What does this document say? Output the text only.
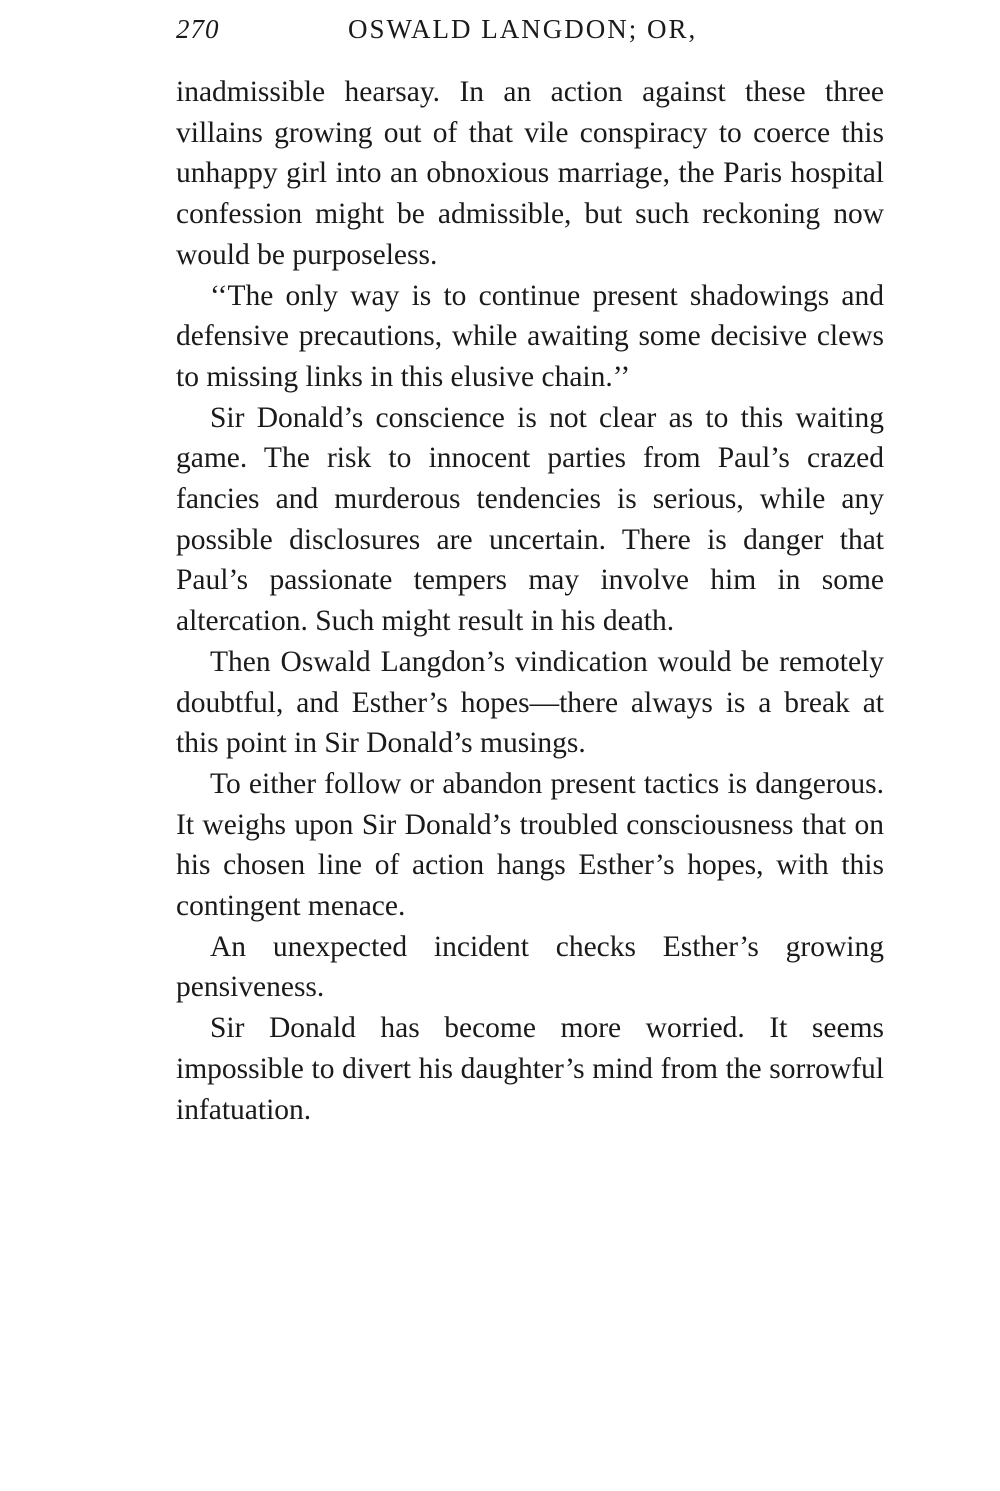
270	OSWALD LANGDON; OR,

inadmissible hearsay. In an action against these three villains growing out of that vile conspiracy to coerce this unhappy girl into an obnoxious marriage, the Paris hospital confession might be admissible, but such reckoning now would be purposeless.

‘‘The only way is to continue present shadowings and defensive precautions, while awaiting some decisive clews to missing links in this elusive chain.’’

Sir Donald’s conscience is not clear as to this waiting game. The risk to innocent parties from Paul’s crazed fancies and murderous tendencies is serious, while any possible disclosures are uncertain. There is danger that Paul’s passionate tempers may involve him in some altercation. Such might result in his death.

Then Oswald Langdon’s vindication would be remotely doubtful, and Esther’s hopes—there always is a break at this point in Sir Donald’s musings.

To either follow or abandon present tactics is dangerous. It weighs upon Sir Donald’s troubled consciousness that on his chosen line of action hangs Esther’s hopes, with this contingent menace.

An unexpected incident checks Esther’s growing pensiveness.

Sir Donald has become more worried. It seems impossible to divert his daughter’s mind from the sorrowful infatuation.
